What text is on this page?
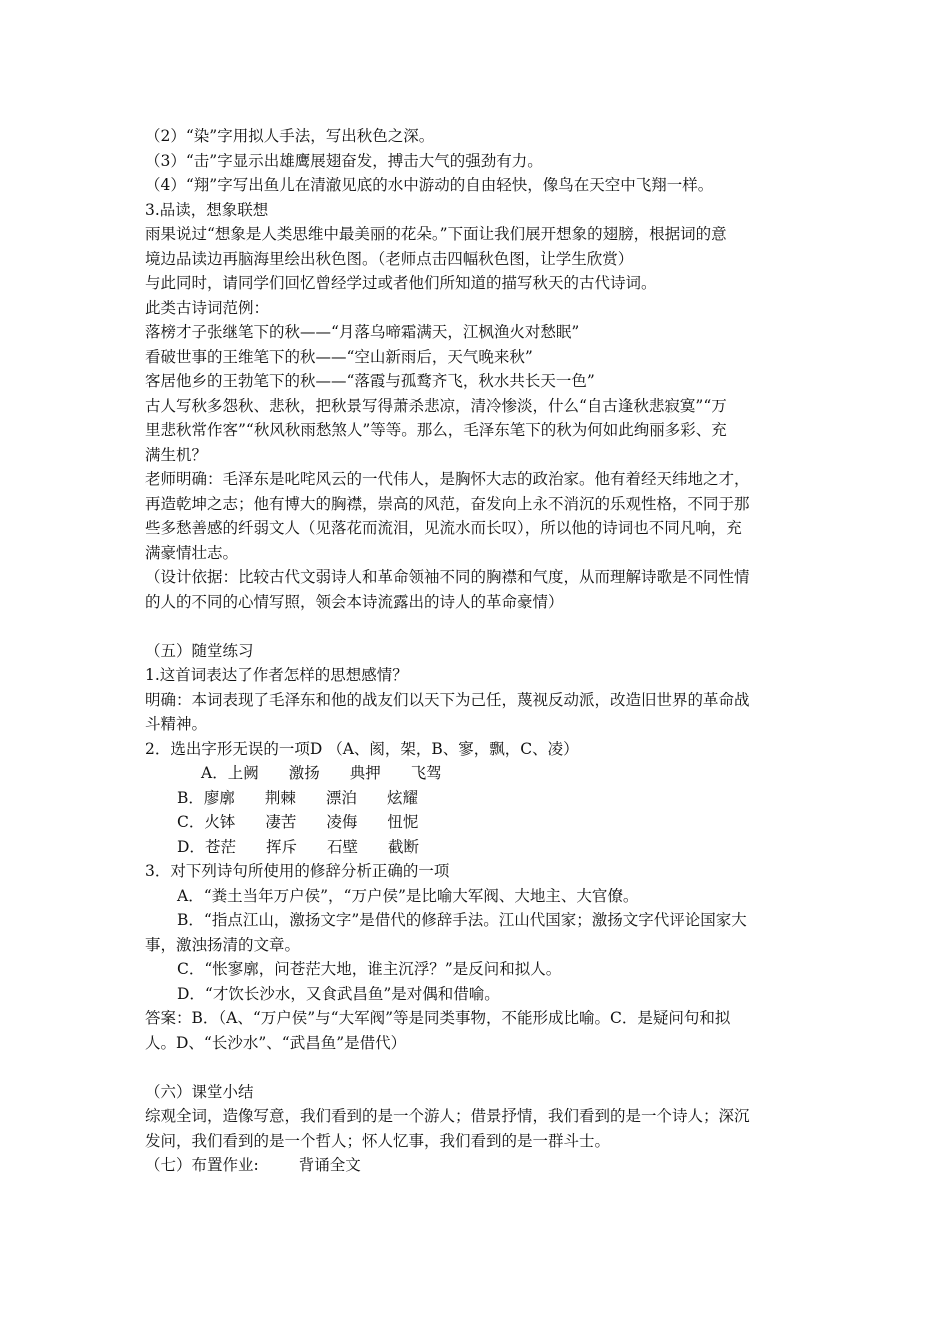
（2）“染”字用拟人手法，写出秋色之深。
（3）“击”字显示出雄鹰展翅奋发，搏击大气的强劲有力。
（4）“翔”字写出鱼儿在清澈见底的水中游动的自由轻快，像鸟在天空中飞翔一样。
3.品读，想象联想
雨果说过“想象是人类思维中最美丽的花朵。”下面让我们展开想象的翅膀，根据词的意
境边品读边再脑海里绘出秋色图。（老师点击四幅秋色图，让学生欣赏）
与此同时，请同学们回忆曾经学过或者他们所知道的描写秋天的古代诗词。
此类古诗词范例：
落榜才子张继笔下的秋——“月落乌啼霜满天，江枫渔火对愁眠”
看破世事的王维笔下的秋——“空山新雨后，天气晚来秋”
客居他乡的王勃笔下的秋——“落霞与孤鹜齐飞，秋水共长天一色”
古人写秋多怨秋、悲秋，把秋景写得萧杀悲凉，清冷惨淡，什么“自古逢秋悲寂寞”“万
里悲秋常作客”“秋风秋雨愁煞人”等等。那么，毛泽东笔下的秋为何如此绚丽多彩、充
满生机？
老师明确：毛泽东是叱咤风云的一代伟人，是胸怀大志的政治家。他有着经天纬地之才，
再造乾坤之志；他有博大的胸襟，崇高的风范，奋发向上永不消沉的乐观性格，不同于那
些多愁善感的纤弱文人（见落花而流泪，见流水而长叹），所以他的诗词也不同凡响，充
满豪情壮志。
（设计依据：比较古代文弱诗人和革命领袖不同的胸襟和气度，从而理解诗歌是不同性情
的人的不同的心情写照，领会本诗流露出的诗人的革命豪情）
（五）随堂练习
1.这首词表达了作者怎样的思想感情？
明确：本词表现了毛泽东和他的战友们以天下为己任，蔑视反动派，改造旧世界的革命战
斗精神。
2．选出字形无误的一项D （A、阂，架，B、寥，飘，C、凌）
A．上阙 激扬 典押 飞驾
B．廖廓 荆棘 漂泊 炫耀
C．火钵 凄苦 凌侮 忸怩
D．苍茫 挥斥 石壁 截断
3．对下列诗句所使用的修辞分析正确的一项
A．“粪土当年万户侯”，“万户侯”是比喻大军阀、大地主、大官僚。
B．“指点江山，激扬文字”是借代的修辞手法。江山代国家；激扬文字代评论国家大
事，激浊扬清的文章。
C．“怅寥廓，问苍茫大地，谁主沉浮？”是反问和拟人。
D．“才饮长沙水，又食武昌鱼”是对偶和借喻。
答案：B．（A、“万户侯”与“大军阀”等是同类事物，不能形成比喻。C．是疑问句和拟
人。D、“长沙水”、“武昌鱼”是借代）
（六）课堂小结
综观全词，造像写意，我们看到的是一个游人；借景抒情，我们看到的是一个诗人；深沉
发问，我们看到的是一个哲人；怀人忆事，我们看到的是一群斗士。
（七）布置作业:	背诵全文
